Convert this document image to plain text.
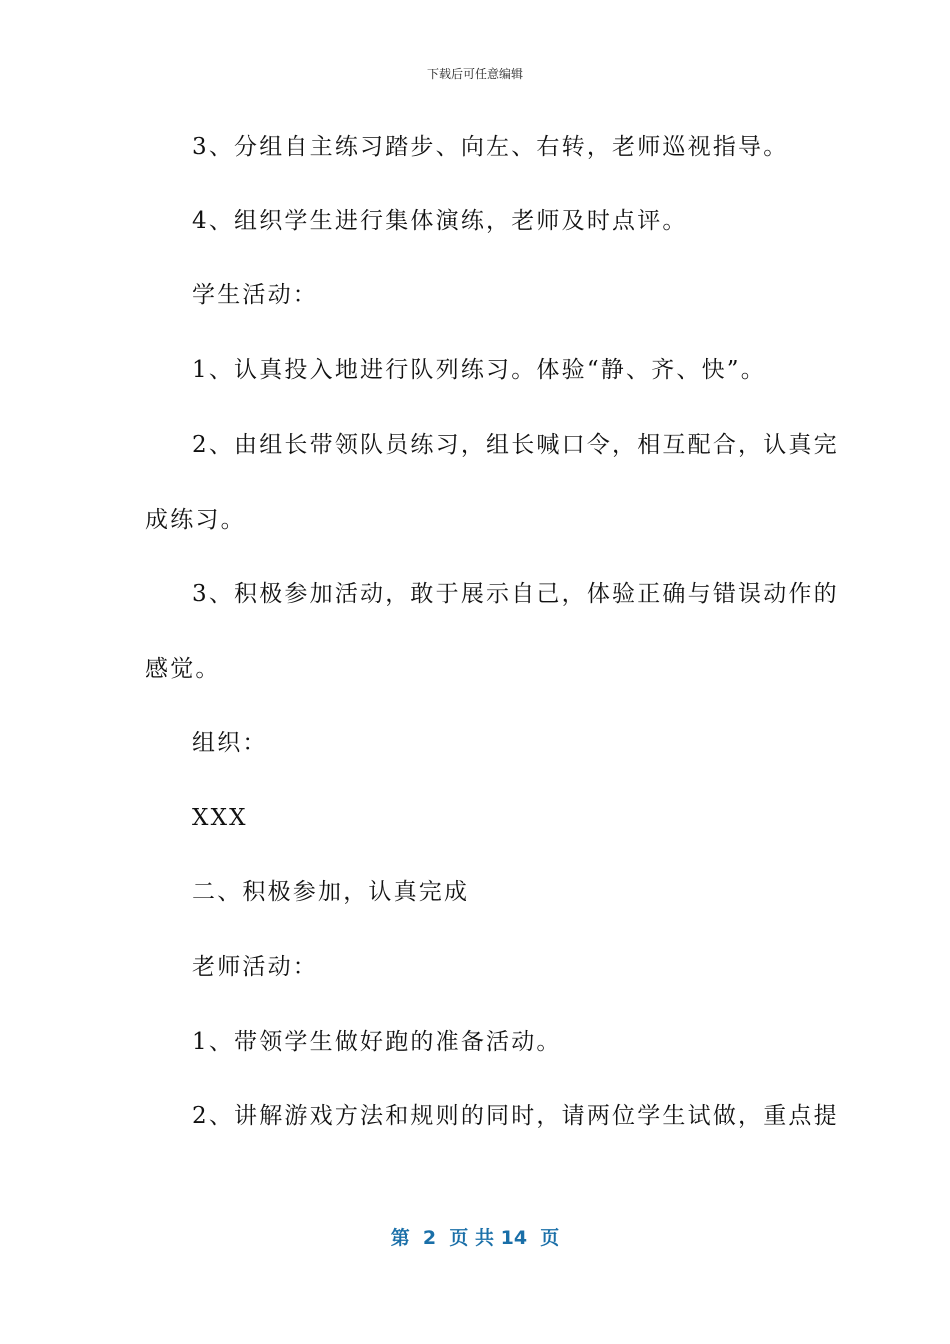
下载后可任意编辑
3、分组自主练习踏步、向左、右转，老师巡视指导。
4、组织学生进行集体演练，老师及时点评。
学生活动：
1、认真投入地进行队列练习。体验“静、齐、快”。
2、由组长带领队员练习，组长喊口令，相互配合，认真完
成练习。
3、积极参加活动，敢于展示自己，体验正确与错误动作的
感觉。
组织：
XXX
二、积极参加，认真完成
老师活动：
1、带领学生做好跑的准备活动。
2、讲解游戏方法和规则的同时，请两位学生试做，重点提
第  2  页 共 14  页
